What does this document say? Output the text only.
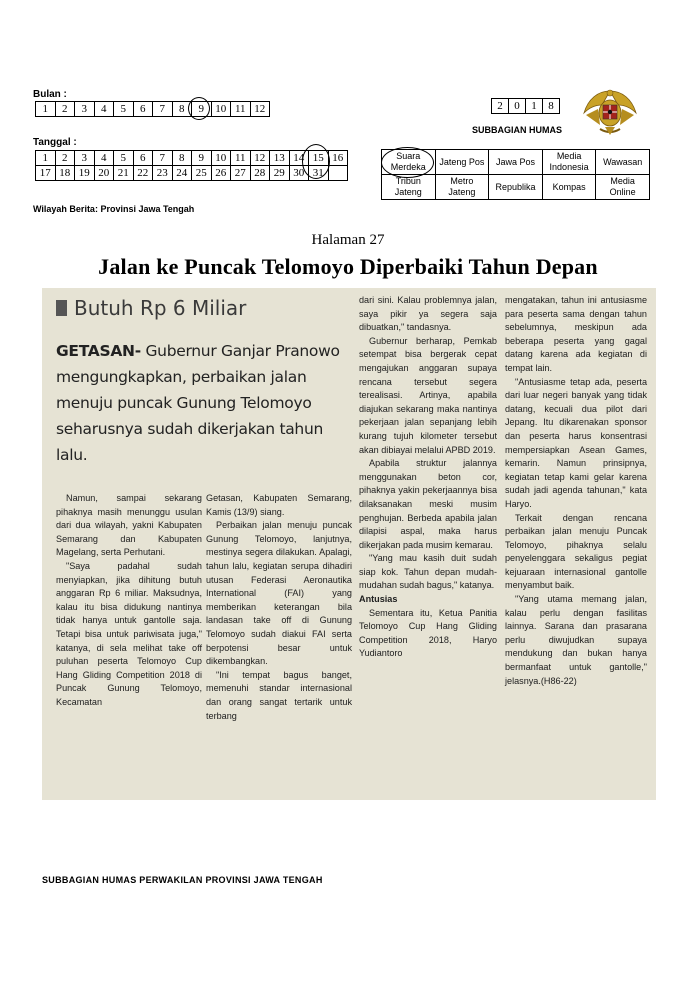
Bulan :
1	2	3	4	5	6	7	8	9	10	11	12
Tanggal :
1	2	3	4	5	6	7	8	9	10	11	12	13	14	15	16
17	18	19	20	21	22	23	24	25	26	27	28	29	30	31	
2	0	1	8
SUBBAGIAN HUMAS
Suara Merdeka	Jateng Pos	Jawa Pos	Media Indonesia	Wawasan
Tribun Jateng	Metro Jateng	Republika	Kompas	Media Online
Wilayah Berita: Provinsi Jawa Tengah
Halaman 27
Jalan ke Puncak Telomoyo Diperbaiki Tahun Depan
Butuh Rp 6 Miliar
GETASAN- Gubernur Ganjar Pranowo mengungkapkan, perbaikan jalan menuju puncak Gunung Telomoyo seharusnya sudah dikerjakan tahun lalu.

Namun, sampai sekarang pihaknya masih menunggu usulan dari dua wilayah, yakni Kabupaten Semarang dan Kabupaten Magelang, serta Perhutani.

"Saya padahal sudah menyiapkan, jika dihitung butuh anggaran Rp 6 miliar. Maksudnya, kalau itu bisa didukung nantinya tidak hanya untuk gantolle saja. Tetapi bisa untuk pariwisata juga," katanya, di sela melihat take off puluhan peserta Telomoyo Cup Hang Gliding Competition 2018 di Puncak Gunung Telomoyo, Kecamatan

Getasan, Kabupaten Semarang, Kamis (13/9) siang.

Perbaikan jalan menuju puncak Gunung Telomoyo, lanjutnya, mestinya segera dilakukan. Apalagi, tahun lalu, kegiatan serupa dihadiri utusan Federasi Aeronautika International (FAI) yang memberikan keterangan bila landasan take off di Gunung Telomoyo sudah diakui FAI serta berpotensi besar untuk dikembangkan.

"Ini tempat bagus banget, memenuhi standar internasional dan orang sangat tertarik untuk terbang

dari sini. Kalau problemnya jalan, saya pikir ya segera saja dibuatkan," tandasnya.

Gubernur berharap, Pemkab setempat bisa bergerak cepat mengajukan anggaran supaya rencana tersebut segera terealisasi. Artinya, apabila diajukan sekarang maka nantinya pekerjaan jalan sepanjang lebih kurang tujuh kilometer tersebut akan dibiayai melalui APBD 2019.

Apabila struktur jalannya menggunakan beton cor, pihaknya yakin pekerjaannya bisa dilaksanakan meski musim penghujan. Berbeda apabila jalan dilapisi aspal, maka harus dikerjakan pada musim kemarau.

"Yang mau kasih duit sudah siap kok. Tahun depan mudah-mudahan sudah bagus," katanya.

Antusias

Sementara itu, Ketua Panitia Telomoyo Cup Hang Gliding Competition 2018, Haryo Yudiantoro

mengatakan, tahun ini antusiasme para peserta sama dengan tahun sebelumnya, meskipun ada beberapa peserta yang gagal datang karena ada kegiatan di tempat lain.

"Antusiasme tetap ada, peserta dari luar negeri banyak yang tidak datang, kecuali dua pilot dari Jepang. Itu dikarenakan sponsor dan peserta harus konsentrasi mempersiapkan Asean Games, kemarin. Namun prinsipnya, kegiatan tetap kami gelar karena sudah jadi agenda tahunan," kata Haryo.

Terkait dengan rencana perbaikan jalan menuju Puncak Telomoyo, pihaknya selalu penyelenggara sekaligus pegiat kejuaraan internasional gantolle menyambut baik.

"Yang utama memang jalan, kalau perlu dengan fasilitas lainnya. Sarana dan prasarana perlu diwujudkan supaya mendukung dan bukan hanya bermanfaat untuk gantolle," jelasnya.(H86-22)

SUBBAGIAN HUMAS PERWAKILAN PROVINSI JAWA TENGAH
